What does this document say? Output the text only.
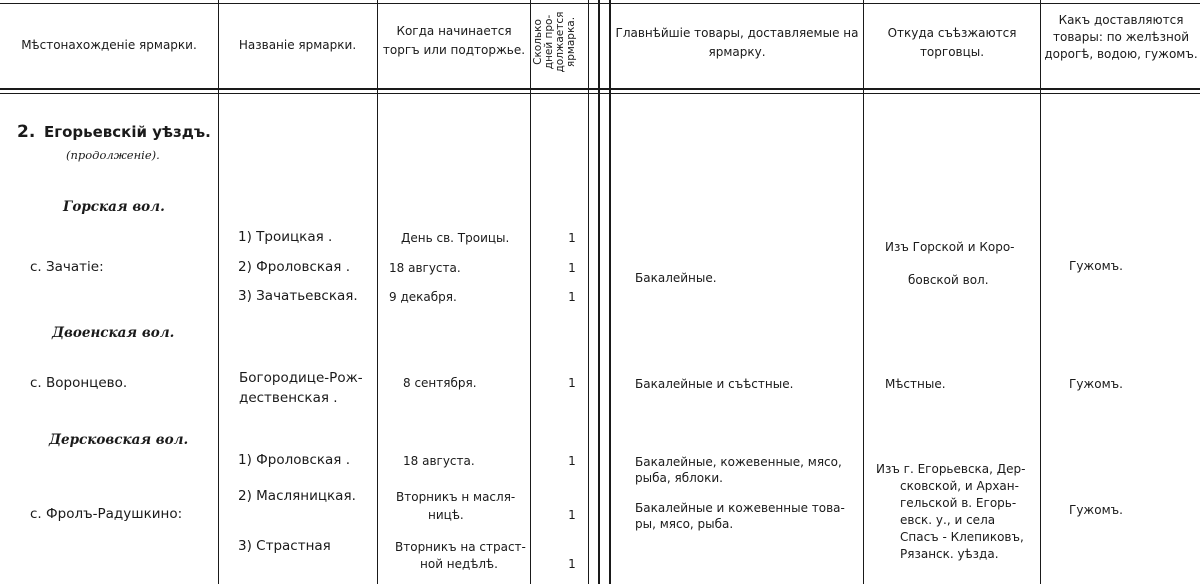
Мѣстонахожденіе ярмарки.	Названіе ярмарки.
Когда начинается торгъ или подторжье. Сколько дней про- должается ярмарка.	Главнѣйшіе товары, доставляемые на ярмарку.
Откуда съѣзжаются торговцы.
Какъ доставляются товары: по желѣзной дорогѣ, водою, гужомъ.
2. Егорьевскій уѣздъ.
(продолженіе).
Горская вол.
Двоенская вол.
Дерсковская вол.
с. Зачатіе:
с. Воронцево.
с. Фролъ-Радушкино:
1) Троицкая .
2) Фроловская .
3) Зачатьевская.
Богородице-Рож-
дественская .
1) Фроловская .
2) Масляницкая.
3) Страстная
День св. Троицы.
18 августа.
9 декабря.
8 сентября.
18 августа.
Вторникъ н масля-
ницѣ.
Вторникъ на страст-
ной недѣлѣ.
1
1
1
1
1
1
1
Бакалейные.
Бакалейные и съѣстные.
Бакалейные, кожевенные, мясо,
рыба, яблоки.
Бакалейные и кожевенные това-
ры, мясо, рыба.
Изъ Горской и Коро-
бовской вол.
Мѣстные.
Изъ г. Егорьевска, Дер-
сковской, и Архан-
гельской в. Егорь-
евск. у., и села
Спасъ - Клепиковъ,
Рязанск. уѣзда.
Гужомъ.
Гужомъ.
Гужомъ.
